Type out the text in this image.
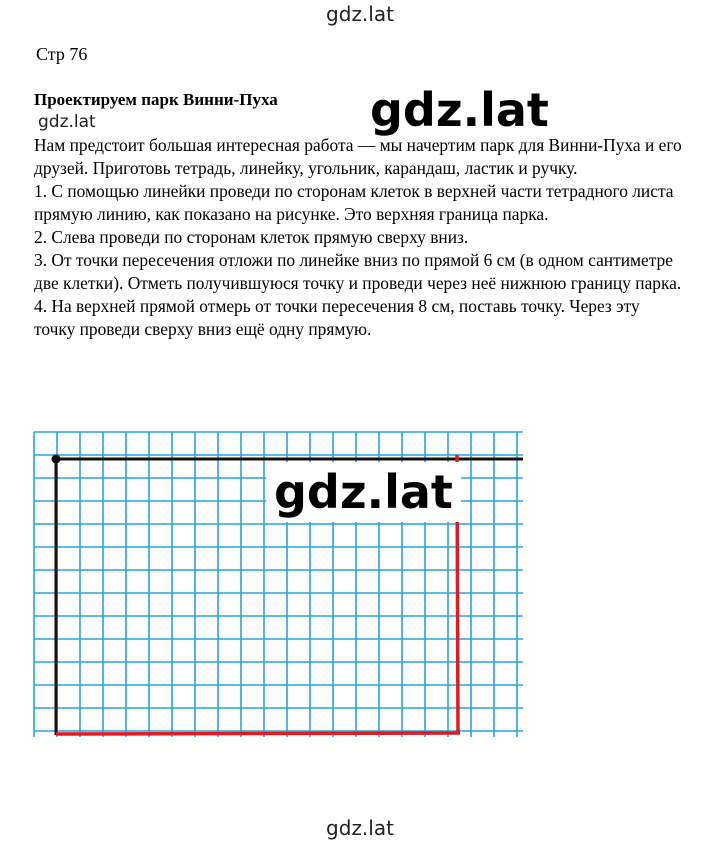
gdz.lat
Стр 76
Проектируем парк Винни-Пуха
gdz.lat	gdz.lat

Нам предстоит большая интересная работа — мы начертим парк для Винни-Пуха и его друзей. Приготовь тетрадь, линейку, угольник, карандаш, ластик и ручку.

1. С помощью линейки проведи по сторонам клеток в верхней части тетрадного листа прямую линию, как показано на рисунке. Это верхняя граница парка.

2. Слева проведи по сторонам клеток прямую сверху вниз.

3. От точки пересечения отложи по линейке вниз по прямой 6 см (в одном сантиметре две клетки). Отметь получившуюся точку и проведи через неё нижнюю границу парка.

4. На верхней прямой отмерь от точки пересечения 8 см, поставь точку. Через эту точку проведи сверху вниз ещё одну прямую.

gdz.lat
gdz.lat
